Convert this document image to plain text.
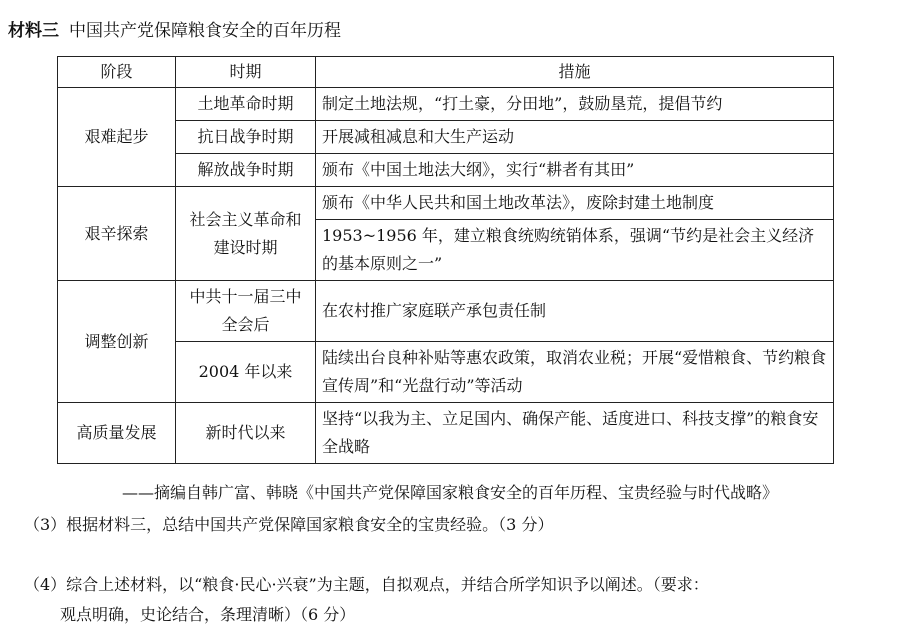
材料三 中国共产党保障粮食安全的百年历程
阶段	时期	措施
艰难起步	土地革命时期	制定土地法规，“打土豪，分田地”，鼓励垦荒，提倡节约
	抗日战争时期	开展减租减息和大生产运动
	解放战争时期	颁布《中国土地法大纲》，实行“耕者有其田”
艰辛探索	社会主义革命和建设时期	颁布《中华人民共和国土地改革法》，废除封建土地制度
		1953~1956 年，建立粮食统购统销体系，强调“节约是社会主义经济的基本原则之一”
调整创新	中共十一届三中全会后	在农村推广家庭联产承包责任制
	2004 年以来	陆续出台良种补贴等惠农政策，取消农业税；开展“爱惜粮食、节约粮食宣传周”和“光盘行动”等活动
高质量发展	新时代以来	坚持“以我为主、立足国内、确保产能、适度进口、科技支撑”的粮食安全战略
——摘编自韩广富、韩晓《中国共产党保障国家粮食安全的百年历程、宝贵经验与时代战略》
（3）根据材料三，总结中国共产党保障国家粮食安全的宝贵经验。（3 分）
（4）综合上述材料，以“粮食·民心·兴衰”为主题，自拟观点，并结合所学知识予以阐述。（要求：
观点明确，史论结合，条理清晰）（6 分）
